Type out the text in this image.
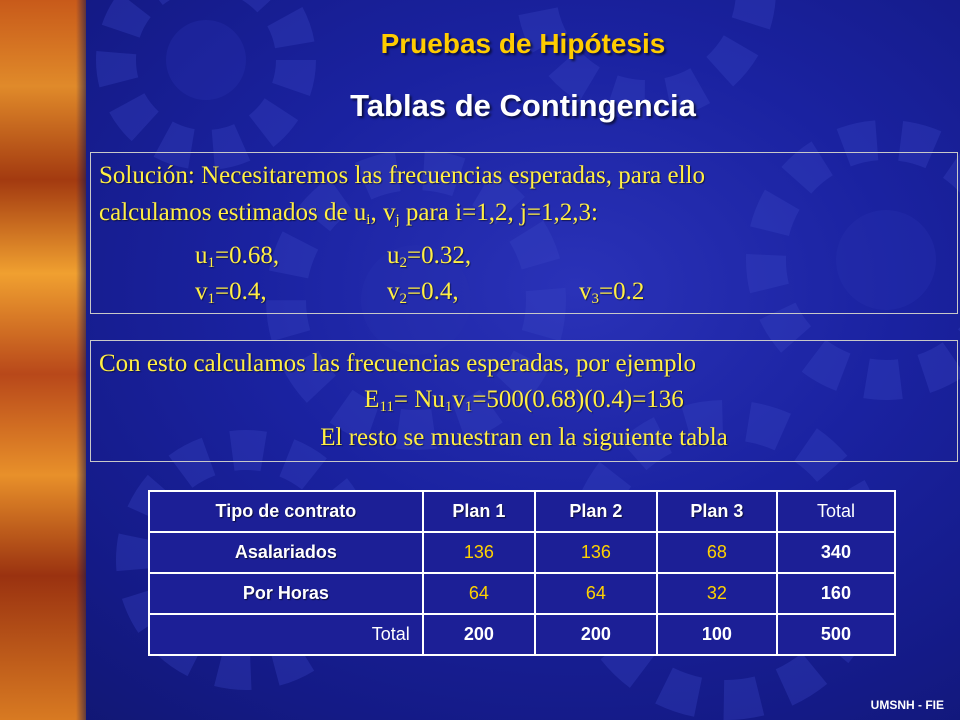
Pruebas de Hipótesis
Tablas de Contingencia
Solución: Necesitaremos las frecuencias esperadas, para ello
calculamos estimados de $u_i$, $v_j$ para i=1,2, j=1,2,3:
$u_1=0.68$,	$u_2=0.32$,
$v_1=0.4$,	$v_2=0.4$,	$v_3=0.2$
Con esto calculamos las frecuencias esperadas, por ejemplo
$E_{11}= Nu_1v_1=500(0.68)(0.4)=136$
El resto se muestran en la siguiente tabla
Tipo de contrato	Plan 1	Plan 2	Plan 3	Total
Asalariados	136	136	68	340
Por Horas	64	64	32	160
Total	200	200	100	500
UMSNH - FIE
